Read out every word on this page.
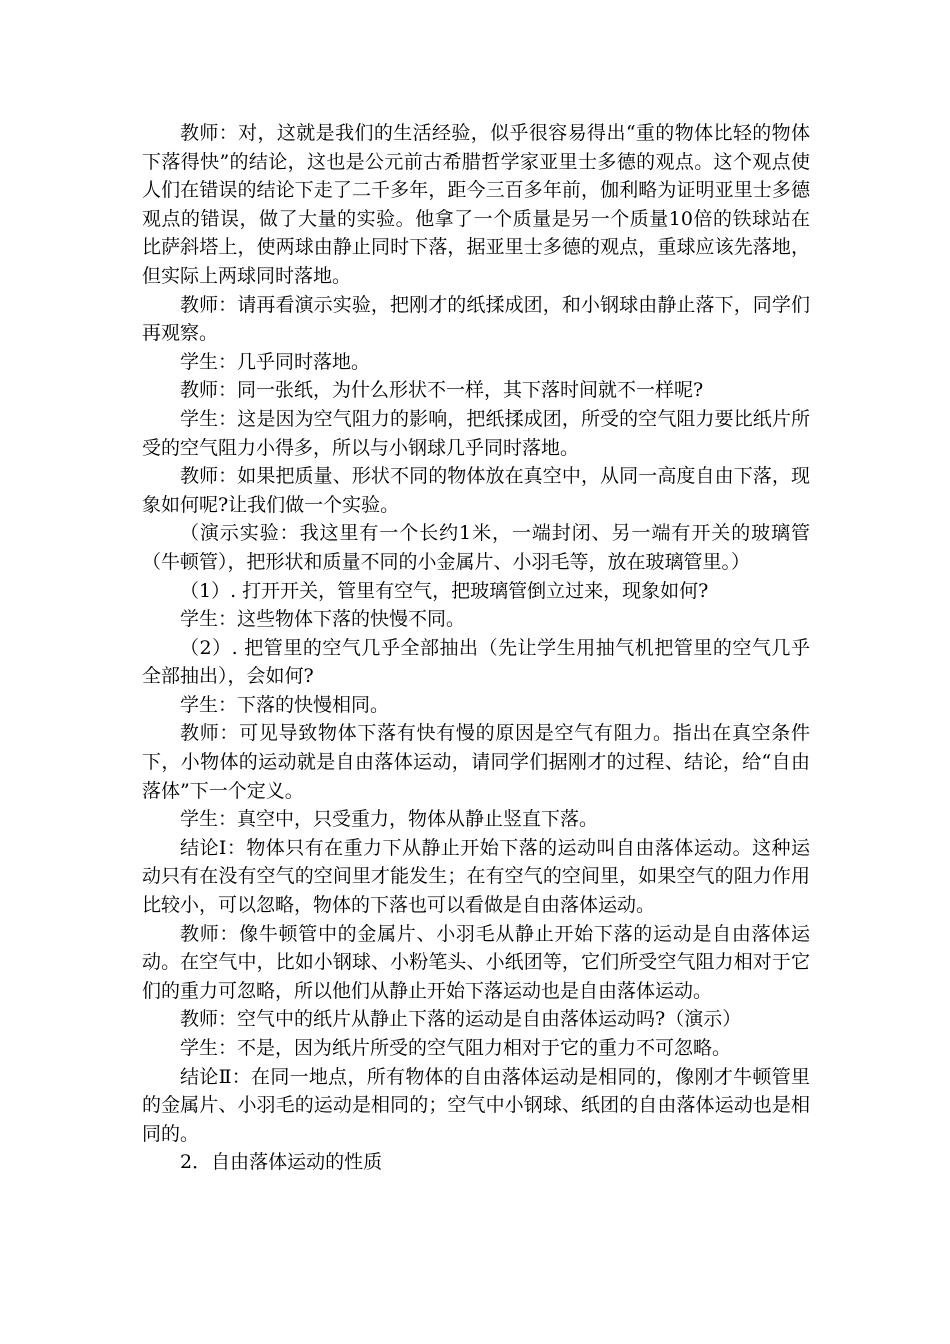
教师：对，这就是我们的生活经验，似乎很容易得出“重的物体比轻的物体下落得快”的结论，这也是公元前古希腊哲学家亚里士多德的观点。这个观点使人们在错误的结论下走了二千多年，距今三百多年前，伽利略为证明亚里士多德观点的错误，做了大量的实验。他拿了一个质量是另一个质量10倍的铁球站在比萨斜塔上，使两球由静止同时下落，据亚里士多德的观点，重球应该先落地，但实际上两球同时落地。

教师：请再看演示实验，把刚才的纸揉成团，和小钢球由静止落下，同学们再观察。

学生：几乎同时落地。

教师：同一张纸，为什么形状不一样，其下落时间就不一样呢?

学生：这是因为空气阻力的影响，把纸揉成团，所受的空气阻力要比纸片所受的空气阻力小得多，所以与小钢球几乎同时落地。

教师：如果把质量、形状不同的物体放在真空中，从同一高度自由下落，现象如何呢?让我们做一个实验。

（演示实验：我这里有一个长约1米，一端封闭、另一端有开关的玻璃管（牛顿管），把形状和质量不同的小金属片、小羽毛等，放在玻璃管里。）

（1）. 打开开关，管里有空气，把玻璃管倒立过来，现象如何?

学生：这些物体下落的快慢不同。

（2）. 把管里的空气几乎全部抽出（先让学生用抽气机把管里的空气几乎全部抽出），会如何?

学生：下落的快慢相同。

教师：可见导致物体下落有快有慢的原因是空气有阻力。指出在真空条件下，小物体的运动就是自由落体运动，请同学们据刚才的过程、结论，给“自由落体”下一个定义。

学生：真空中，只受重力，物体从静止竖直下落。

结论Ⅰ：物体只有在重力下从静止开始下落的运动叫自由落体运动。这种运动只有在没有空气的空间里才能发生；在有空气的空间里，如果空气的阻力作用比较小，可以忽略，物体的下落也可以看做是自由落体运动。

教师：像牛顿管中的金属片、小羽毛从静止开始下落的运动是自由落体运动。在空气中，比如小钢球、小粉笔头、小纸团等，它们所受空气阻力相对于它们的重力可忽略，所以他们从静止开始下落运动也是自由落体运动。

教师：空气中的纸片从静止下落的运动是自由落体运动吗?（演示）

学生：不是，因为纸片所受的空气阻力相对于它的重力不可忽略。

结论Ⅱ：在同一地点，所有物体的自由落体运动是相同的，像刚才牛顿管里的金属片、小羽毛的运动是相同的；空气中小钢球、纸团的自由落体运动也是相同的。

2．自由落体运动的性质
